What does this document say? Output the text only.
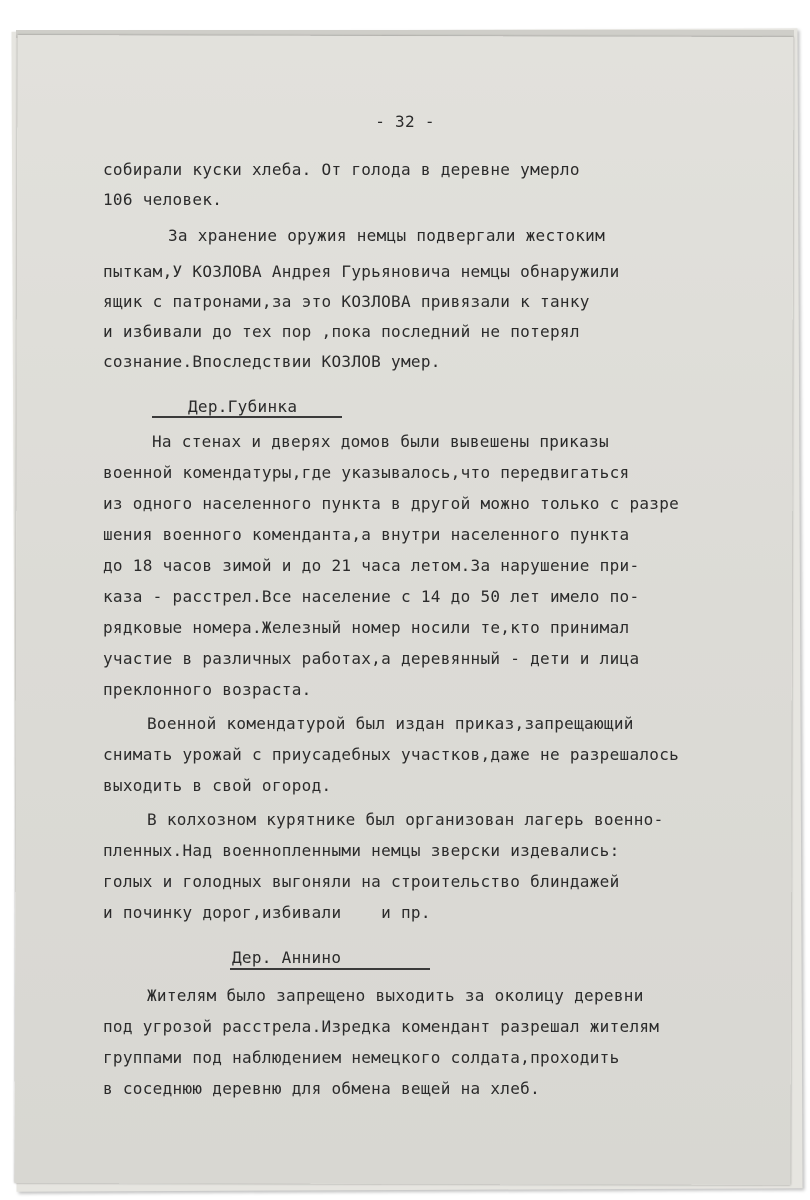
- 32 -
собирали куски хлеба. От голода в деревне умерло
106 человек.
За хранение оружия немцы подвергали жестоким
пыткам,У КОЗЛОВА Андрея Гурьяновича немцы обнаружили
ящик с патронами,за это КОЗЛОВА привязали к танку
и избивали до тех пор ,пока последний не потерял
сознание.Впоследствии КОЗЛОВ умер.
Дер.Губинка
На стенах и дверях домов были вывешены приказы
военной комендатуры,где указывалось,что передвигаться
из одного населенного пункта в другой можно только с разре
шения военного коменданта,а внутри населенного пункта
до 18 часов зимой и до 21 часа летом.За нарушение при-
каза - расстрел.Все население с 14 до 50 лет имело по-
рядковые номера.Железный номер носили те,кто принимал
участие в различных работах,а деревянный - дети и лица
преклонного возраста.
Военной комендатурой был издан приказ,запрещающий
снимать урожай с приусадебных участков,даже не разрешалось
выходить в свой огород.
В колхозном курятнике был организован лагерь военно-
пленных.Над военнопленными немцы зверски издевались:
голых и голодных выгоняли на строительство блиндажей
и починку дорог,избивали    и пр.
Дер. Аннино
Жителям было запрещено выходить за околицу деревни
под угрозой расстрела.Изредка комендант разрешал жителям
группами под наблюдением немецкого солдата,проходить
в соседнюю деревню для обмена вещей на хлеб.
